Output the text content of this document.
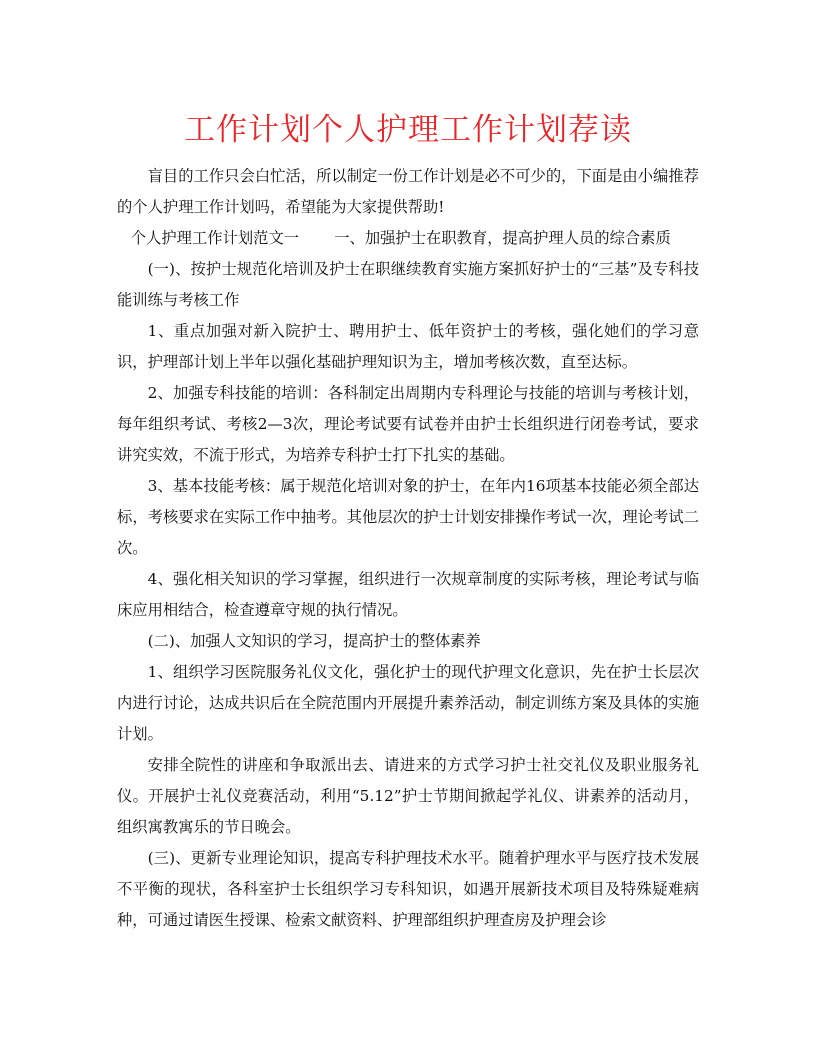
工作计划个人护理工作计划荐读

盲目的工作只会白忙活，所以制定一份工作计划是必不可少的，下面是由小编推荐的个人护理工作计划吗，希望能为大家提供帮助!

个人护理工作计划范文一 一、加强护士在职教育，提高护理人员的综合素质

(一)、按护士规范化培训及护士在职继续教育实施方案抓好护士的“三基”及专科技能训练与考核工作

1、重点加强对新入院护士、聘用护士、低年资护士的考核，强化她们的学习意识，护理部计划上半年以强化基础护理知识为主，增加考核次数，直至达标。

2、加强专科技能的培训：各科制定出周期内专科理论与技能的培训与考核计划，每年组织考试、考核2—3次，理论考试要有试卷并由护士长组织进行闭卷考试，要求讲究实效，不流于形式，为培养专科护士打下扎实的基础。

3、基本技能考核：属于规范化培训对象的护士，在年内16项基本技能必须全部达标，考核要求在实际工作中抽考。其他层次的护士计划安排操作考试一次，理论考试二次。

4、强化相关知识的学习掌握，组织进行一次规章制度的实际考核，理论考试与临床应用相结合，检查遵章守规的执行情况。

(二)、加强人文知识的学习，提高护士的整体素养

1、组织学习医院服务礼仪文化，强化护士的现代护理文化意识，先在护士长层次内进行讨论，达成共识后在全院范围内开展提升素养活动，制定训练方案及具体的实施计划。

安排全院性的讲座和争取派出去、请进来的方式学习护士社交礼仪及职业服务礼仪。开展护士礼仪竞赛活动，利用“5.12”护士节期间掀起学礼仪、讲素养的活动月，组织寓教寓乐的节日晚会。

(三)、更新专业理论知识，提高专科护理技术水平。随着护理水平与医疗技术发展不平衡的现状，各科室护士长组织学习专科知识，如遇开展新技术项目及特殊疑难病种，可通过请医生授课、检索文献资料、护理部组织护理查房及护理会诊
